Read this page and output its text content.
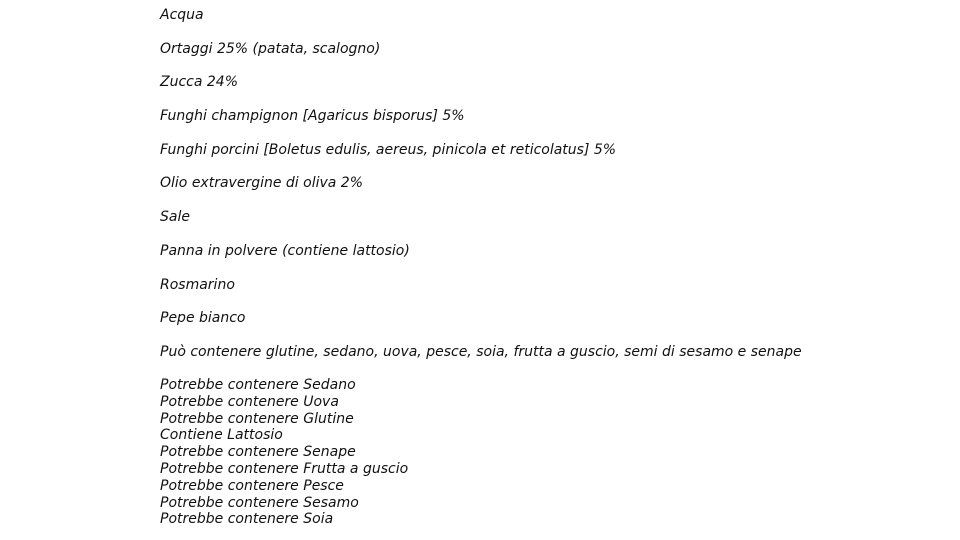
Acqua
Ortaggi 25% (patata, scalogno)
Zucca 24%
Funghi champignon [Agaricus bisporus] 5%
Funghi porcini [Boletus edulis, aereus, pinicola et reticolatus] 5%
Olio extravergine di oliva 2%
Sale
Panna in polvere (contiene lattosio)
Rosmarino
Pepe bianco
Può contenere glutine, sedano, uova, pesce, soia, frutta a guscio, semi di sesamo e senape
Potrebbe contenere Sedano
Potrebbe contenere Uova
Potrebbe contenere Glutine
Contiene Lattosio
Potrebbe contenere Senape
Potrebbe contenere Frutta a guscio
Potrebbe contenere Pesce
Potrebbe contenere Sesamo
Potrebbe contenere Soia
